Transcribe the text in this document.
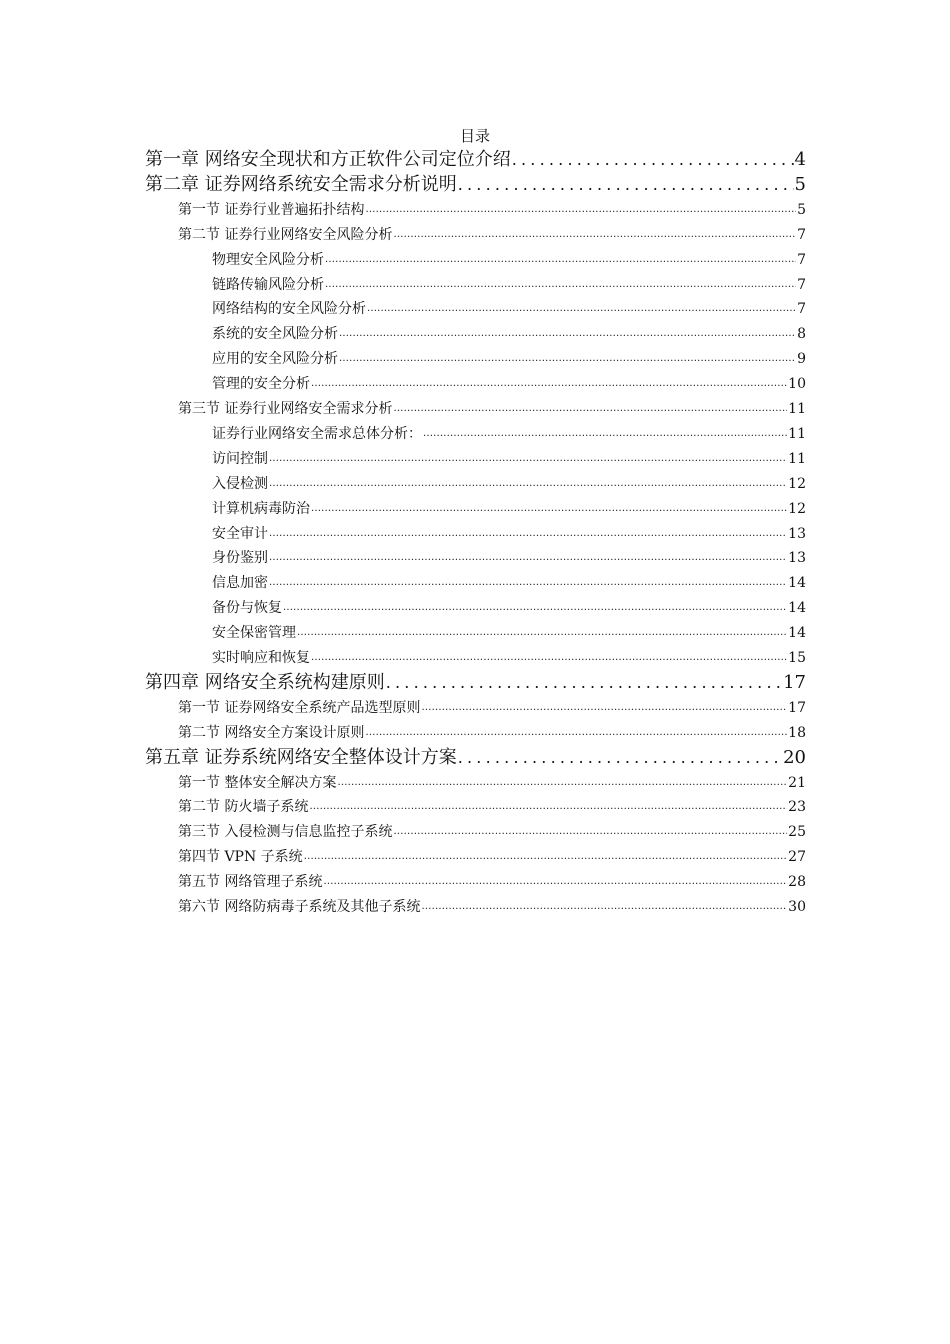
目录
第一章 网络安全现状和方正软件公司定位介绍 .....	4
第二章 证券网络系统安全需求分析说明 .....	5
第一节 证券行业普遍拓扑结构 .....	5
第二节 证券行业网络安全风险分析 .....	7
物理安全风险分析 .....	7
链路传输风险分析 .....	7
网络结构的安全风险分析 .....	7
系统的安全风险分析 .....	8
应用的安全风险分析 .....	9
管理的安全分析 .....	10
第三节 证券行业网络安全需求分析 .....	11
证券行业网络安全需求总体分析： .....	11
访问控制 .....	11
入侵检测 .....	12
计算机病毒防治 .....	12
安全审计 .....	13
身份鉴别 .....	13
信息加密 .....	14
备份与恢复 .....	14
安全保密管理 .....	14
实时响应和恢复 .....	15
第四章 网络安全系统构建原则 .....	17
第一节 证券网络安全系统产品选型原则 .....	17
第二节 网络安全方案设计原则 .....	18
第五章 证券系统网络安全整体设计方案 .....	20
第一节 整体安全解决方案 .....	21
第二节 防火墙子系统 .....	23
第三节 入侵检测与信息监控子系统 .....	25
第四节 VPN 子系统 .....	27
第五节 网络管理子系统 .....	28
第六节 网络防病毒子系统及其他子系统 .....	30
